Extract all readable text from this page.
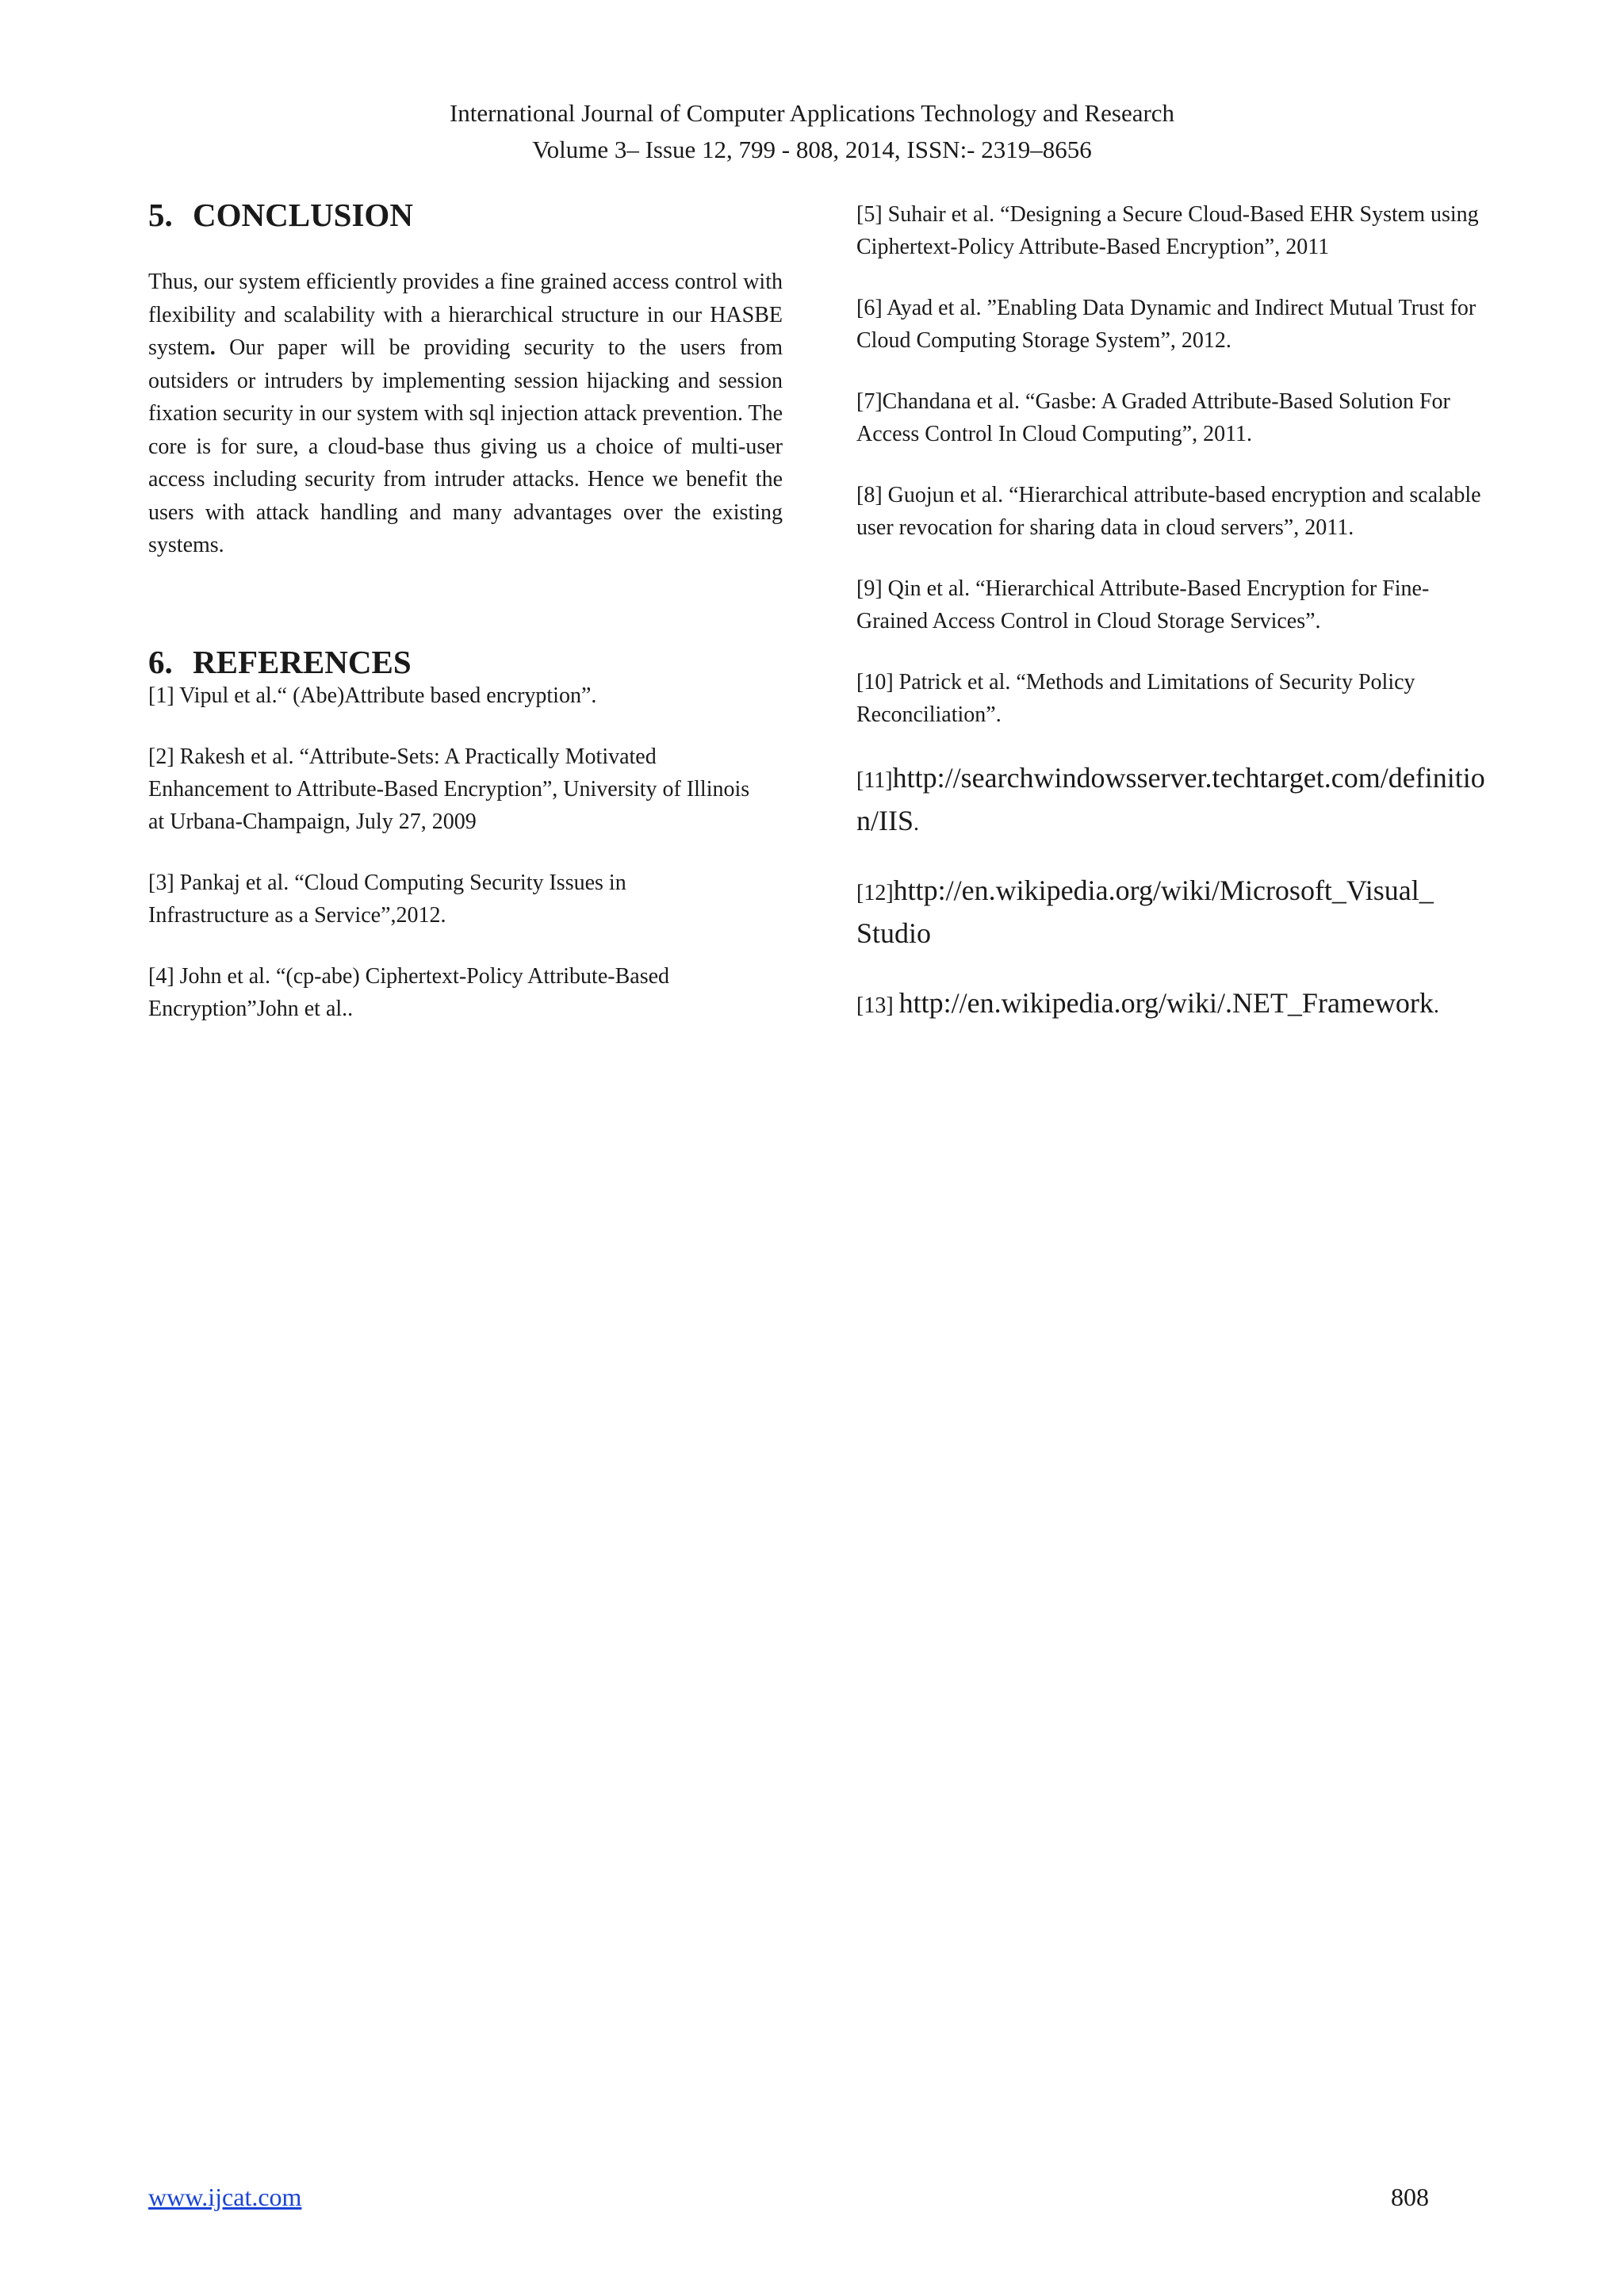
International Journal of Computer Applications Technology and Research
Volume 3– Issue 12, 799 - 808, 2014, ISSN:- 2319–8656
5. CONCLUSION

Thus, our system efficiently provides a fine grained access control with flexibility and scalability with a hierarchical structure in our HASBE system. Our paper will be providing security to the users from outsiders or intruders by implementing session hijacking and session fixation security in our system with sql injection attack prevention. The core is for sure, a cloud-base thus giving us a choice of multi-user access including security from intruder attacks. Hence we benefit the users with attack handling and many advantages over the existing systems.

6. REFERENCES

[1] Vipul et al.“ (Abe)Attribute based encryption”.

[2] Rakesh et al. “Attribute-Sets: A Practically Motivated Enhancement to Attribute-Based Encryption”, University of Illinois at Urbana-Champaign, July 27, 2009

[3] Pankaj et al. “Cloud Computing Security Issues in Infrastructure as a Service”,2012.

[4] John et al. “(cp-abe) Ciphertext-Policy Attribute-Based Encryption”John et al..

[5] Suhair et al. “Designing a Secure Cloud-Based EHR System using Ciphertext-Policy Attribute-Based Encryption”, 2011

[6] Ayad et al. ”Enabling Data Dynamic and Indirect Mutual Trust for Cloud Computing Storage System”, 2012.

[7]Chandana et al. “Gasbe: A Graded Attribute-Based Solution For Access Control In Cloud Computing”, 2011.

[8] Guojun et al. “Hierarchical attribute-based encryption and scalable user revocation for sharing data in cloud servers”, 2011.

[9] Qin et al. “Hierarchical Attribute-Based Encryption for Fine-Grained Access Control in Cloud Storage Services”.

[10] Patrick et al. “Methods and Limitations of Security Policy Reconciliation”.

[11]http://searchwindowsserver.techtarget.com/definition/IIS.

[12]http://en.wikipedia.org/wiki/Microsoft_Visual_ Studio

[13] http://en.wikipedia.org/wiki/.NET_Framework.

www.ijcat.com	808
